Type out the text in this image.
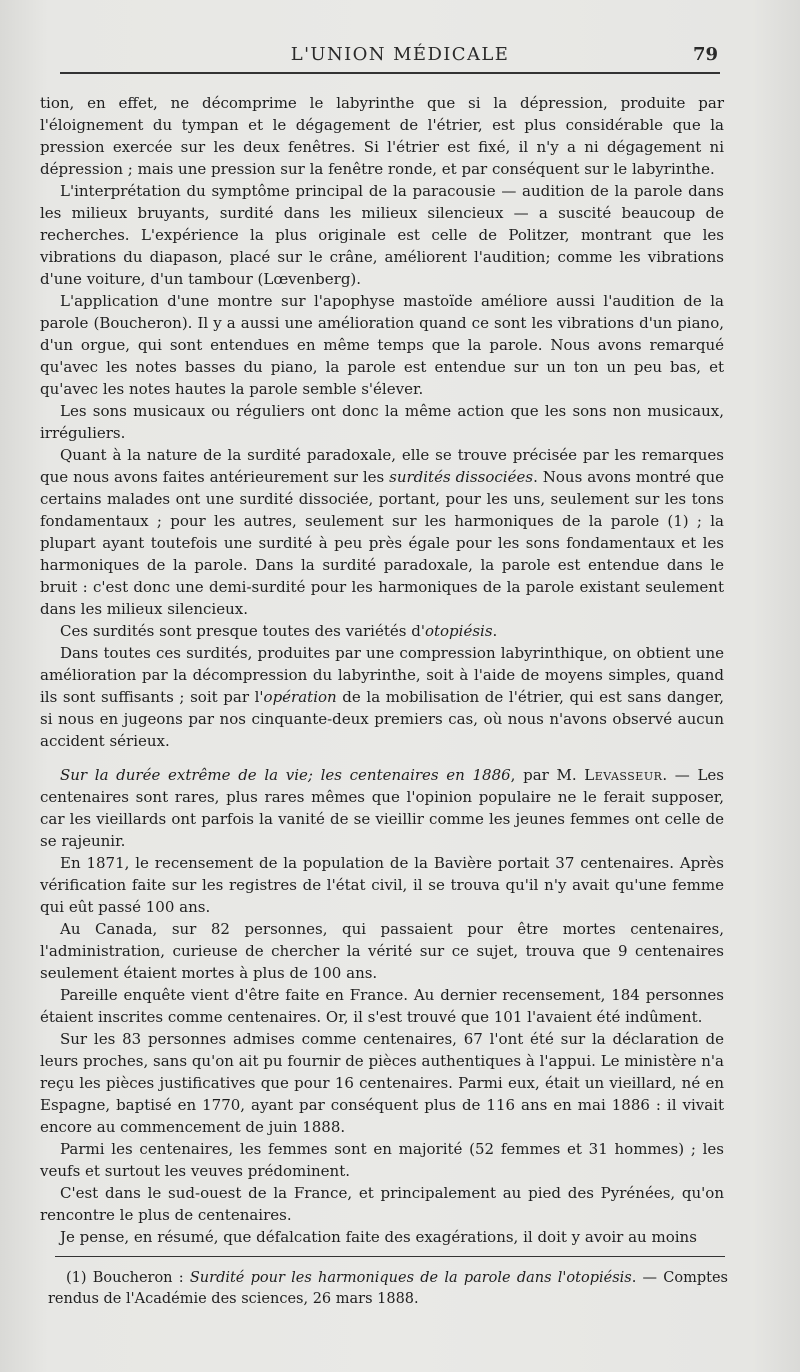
L'UNION MÉDICALE	79

tion, en effet, ne décomprime le labyrinthe que si la dépression, produite par l'éloignement du tympan et le dégagement de l'étrier, est plus considérable que la pression exercée sur les deux fenêtres. Si l'étrier est fixé, il n'y a ni dégagement ni dépression ; mais une pression sur la fenêtre ronde, et par conséquent sur le labyrinthe.

L'interprétation du symptôme principal de la paracousie — audition de la parole dans les milieux bruyants, surdité dans les milieux silencieux — a suscité beaucoup de recherches. L'expérience la plus originale est celle de Politzer, montrant que les vibrations du diapason, placé sur le crâne, améliorent l'audition; comme les vibrations d'une voiture, d'un tambour (Lœvenberg).

L'application d'une montre sur l'apophyse mastoïde améliore aussi l'audition de la parole (Boucheron). Il y a aussi une amélioration quand ce sont les vibrations d'un piano, d'un orgue, qui sont entendues en même temps que la parole. Nous avons remarqué qu'avec les notes basses du piano, la parole est entendue sur un ton un peu bas, et qu'avec les notes hautes la parole semble s'élever.

Les sons musicaux ou réguliers ont donc la même action que les sons non musicaux, irréguliers.

Quant à la nature de la surdité paradoxale, elle se trouve précisée par les remarques que nous avons faites antérieurement sur les surdités dissociées. Nous avons montré que certains malades ont une surdité dissociée, portant, pour les uns, seulement sur les tons fondamentaux ; pour les autres, seulement sur les harmoniques de la parole (1) ; la plupart ayant toutefois une surdité à peu près égale pour les sons fondamentaux et les harmoniques de la parole. Dans la surdité paradoxale, la parole est entendue dans le bruit : c'est donc une demi-surdité pour les harmoniques de la parole existant seulement dans les milieux silencieux.

Ces surdités sont presque toutes des variétés d'otopiésis.

Dans toutes ces surdités, produites par une compression labyrinthique, on obtient une amélioration par la décompression du labyrinthe, soit à l'aide de moyens simples, quand ils sont suffisants ; soit par l'opération de la mobilisation de l'étrier, qui est sans danger, si nous en jugeons par nos cinquante-deux premiers cas, où nous n'avons observé aucun accident sérieux.

Sur la durée extrême de la vie; les centenaires en 1886, par M. Levasseur. — Les centenaires sont rares, plus rares mêmes que l'opinion populaire ne le ferait supposer, car les vieillards ont parfois la vanité de se vieillir comme les jeunes femmes ont celle de se rajeunir.

En 1871, le recensement de la population de la Bavière portait 37 centenaires. Après vérification faite sur les registres de l'état civil, il se trouva qu'il n'y avait qu'une femme qui eût passé 100 ans.

Au Canada, sur 82 personnes, qui passaient pour être mortes centenaires, l'administration, curieuse de chercher la vérité sur ce sujet, trouva que 9 centenaires seulement étaient mortes à plus de 100 ans.

Pareille enquête vient d'être faite en France. Au dernier recensement, 184 personnes étaient inscrites comme centenaires. Or, il s'est trouvé que 101 l'avaient été indûment.

Sur les 83 personnes admises comme centenaires, 67 l'ont été sur la déclaration de leurs proches, sans qu'on ait pu fournir de pièces authentiques à l'appui. Le ministère n'a reçu les pièces justificatives que pour 16 centenaires. Parmi eux, était un vieillard, né en Espagne, baptisé en 1770, ayant par conséquent plus de 116 ans en mai 1886 : il vivait encore au commencement de juin 1888.

Parmi les centenaires, les femmes sont en majorité (52 femmes et 31 hommes) ; les veufs et surtout les veuves prédominent.

C'est dans le sud-ouest de la France, et principalement au pied des Pyrénées, qu'on rencontre le plus de centenaires.

Je pense, en résumé, que défalcation faite des exagérations, il doit y avoir au moins

(1) Boucheron : Surdité pour les harmoniques de la parole dans l'otopiésis. — Comptes rendus de l'Académie des sciences, 26 mars 1888.
